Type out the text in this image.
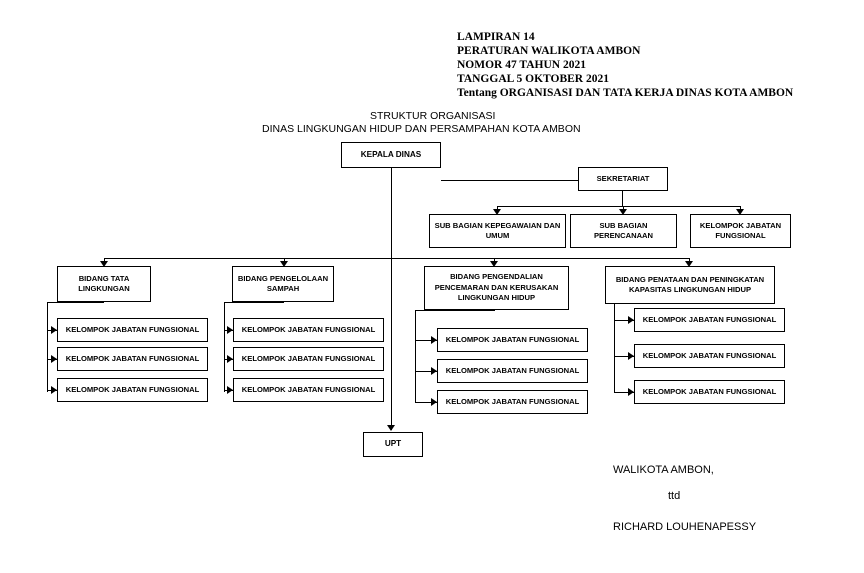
LAMPIRAN 14
PERATURAN WALIKOTA AMBON
NOMOR 47 TAHUN 2021
TANGGAL 5 OKTOBER 2021
Tentang ORGANISASI DAN TATA KERJA DINAS KOTA AMBON
STRUKTUR ORGANISASI
DINAS LINGKUNGAN HIDUP DAN PERSAMPAHAN KOTA AMBON
KEPALA DINAS
SEKRETARIAT
SUB BAGIAN KEPEGAWAIAN DAN UMUM
SUB BAGIAN PERENCANAAN
KELOMPOK JABATAN FUNGSIONAL
BIDANG TATA LINGKUNGAN
KELOMPOK JABATAN FUNGSIONAL
KELOMPOK JABATAN FUNGSIONAL
KELOMPOK JABATAN FUNGSIONAL
BIDANG PENGELOLAAN SAMPAH
KELOMPOK JABATAN FUNGSIONAL
KELOMPOK JABATAN FUNGSIONAL
KELOMPOK JABATAN FUNGSIONAL
BIDANG PENGENDALIAN PENCEMARAN DAN KERUSAKAN LINGKUNGAN HIDUP
KELOMPOK JABATAN FUNGSIONAL
KELOMPOK JABATAN FUNGSIONAL
KELOMPOK JABATAN FUNGSIONAL
BIDANG PENATAAN DAN PENINGKATAN KAPASITAS LINGKUNGAN HIDUP
KELOMPOK JABATAN FUNGSIONAL
KELOMPOK JABATAN FUNGSIONAL
KELOMPOK JABATAN FUNGSIONAL
UPT
WALIKOTA AMBON,
ttd
RICHARD LOUHENAPESSY
